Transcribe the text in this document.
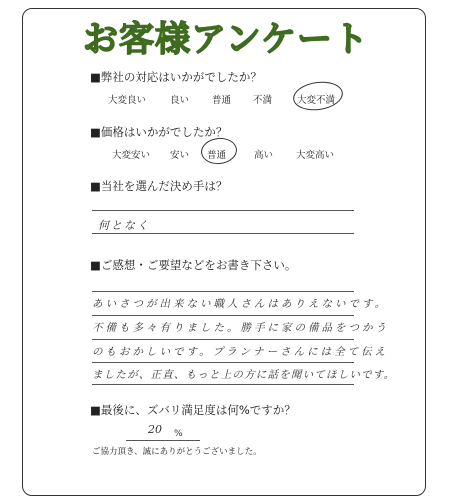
お客様アンケート
■弊社の対応はいかがでしたか？
大変良い	良い 普通 不満	大変不満
■価格はいかがでしたか？
大変安い 安い 普通	高い 大変高い
■当社を選んだ決め手は？
何となく
■ご感想・ご要望などをお書き下さい。
あいさつが出来ない職人さんはありえないです。
不備も多々有りました。勝手に家の備品をつかう
のもおかしいです。プランナーさんには全て伝え
ましたが、正直、もっと上の方に話を聞いてほしいです。
■最後に、ズバリ満足度は何%ですか？
20 %
ご協力頂き、誠にありがとうございました。
